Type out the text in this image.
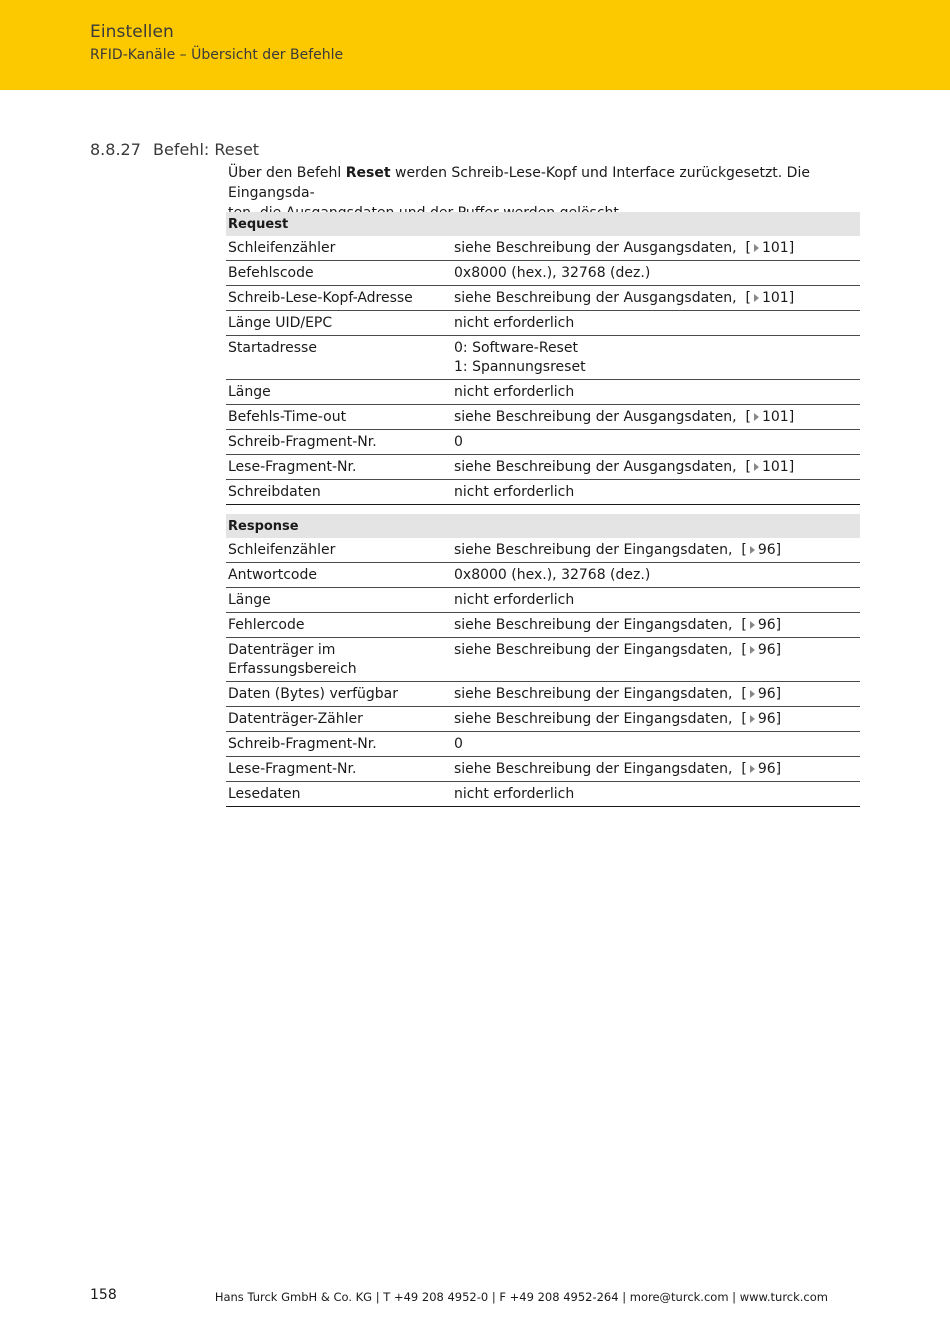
Einstellen
RFID-Kanäle – Übersicht der Befehle
8.8.27 Befehl: Reset
Über den Befehl Reset werden Schreib-Lese-Kopf und Interface zurückgesetzt. Die Eingangsda-

Request	

Schleifenzähler	siehe Beschreibung der Ausgangsdaten,  [ 101]

Befehlscode	0x8000 (hex.), 32768 (dez.)

Schreib-Lese-Kopf-Adresse	siehe Beschreibung der Ausgangsdaten,  [ 101]

Länge UID/EPC	nicht erforderlich

Startadresse	0: Software-Reset
1: Spannungsreset

Länge	nicht erforderlich

Befehls-Time-out	siehe Beschreibung der Ausgangsdaten,  [ 101]

Schreib-Fragment-Nr.	0

Lese-Fragment-Nr.	siehe Beschreibung der Ausgangsdaten,  [ 101]

Schreibdaten	nicht erforderlich
Response	

Schleifenzähler	siehe Beschreibung der Eingangsdaten,  [ 96]

Antwortcode	0x8000 (hex.), 32768 (dez.)

Länge	nicht erforderlich

Fehlercode	siehe Beschreibung der Eingangsdaten,  [ 96]

Datenträger im
Erfassungsbereich	siehe Beschreibung der Eingangsdaten,  [ 96]

Daten (Bytes) verfügbar	siehe Beschreibung der Eingangsdaten,  [ 96]

Datenträger-Zähler	siehe Beschreibung der Eingangsdaten,  [ 96]

Schreib-Fragment-Nr.	0

Lese-Fragment-Nr.	siehe Beschreibung der Eingangsdaten,  [ 96]

Lesedaten	nicht erforderlich
158	Hans Turck GmbH & Co. KG | T +49 208 4952-0 | F +49 208 4952-264 | more@turck.com | www.turck.com
